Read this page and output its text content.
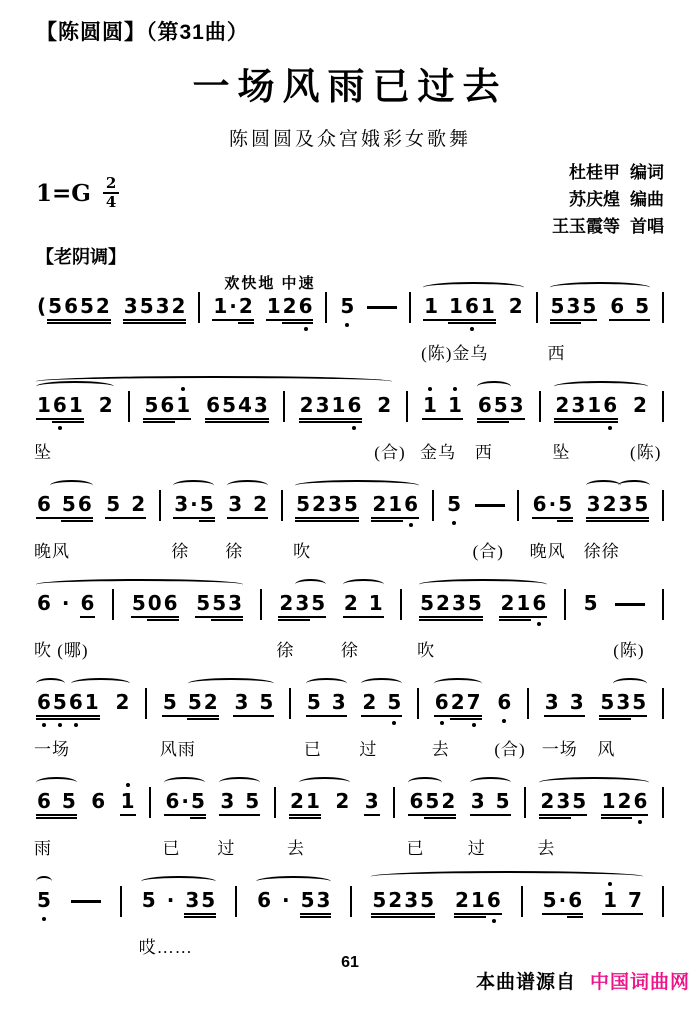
【陈圆圆】（第31曲）
一场风雨已过去
陈圆圆及众宫娥彩女歌舞
$1=G \frac{2}{4}$
杜桂甲 编词
苏庆煌 编曲
王玉霞等 首唱
【老阴调】
欢快地 中速
( 5 6 5 2 3 5 3 2 1 · 2 1 2 6 5	1 1 6 1
(陈)金乌
2 5 3 5
西
6 5
1 6 1
坠
2 5 6 1 6 5 4 3 2 3 1 6 2
(合)
1 1
金乌
6 5 3
西
2 3 1 6
坠
2
(陈)
6 5 6
晚风
5 2 3 · 5
徐
3 2
徐
5 2 3 5
吹
2 1 6 5
(合)
6 · 5
晚风
3 2 3 5
徐徐
6 · 6
吹 (哪)
5 0 6 5 5 3 2 3 5
徐
2 1
徐
5 2 3 5
吹
2 1 6 5
(陈)
6 5 6 1
一场
2 5 5 2
风雨
3 5 5 3
已
2 5
过
6 2 7
去
6
(合)
3 3
一场
5 3 5
风
6 5
雨
6 1 6 · 5
已
3 5
过
2 1
去
2 3 6 5 2
已
3 5
过
2 3 5
去
1 2 6
5	5 · 3 5
哎……
6 · 5 3 5 2 3 5 2 1 6 5 · 6 1 7
61
本曲谱源自 中国词曲网
